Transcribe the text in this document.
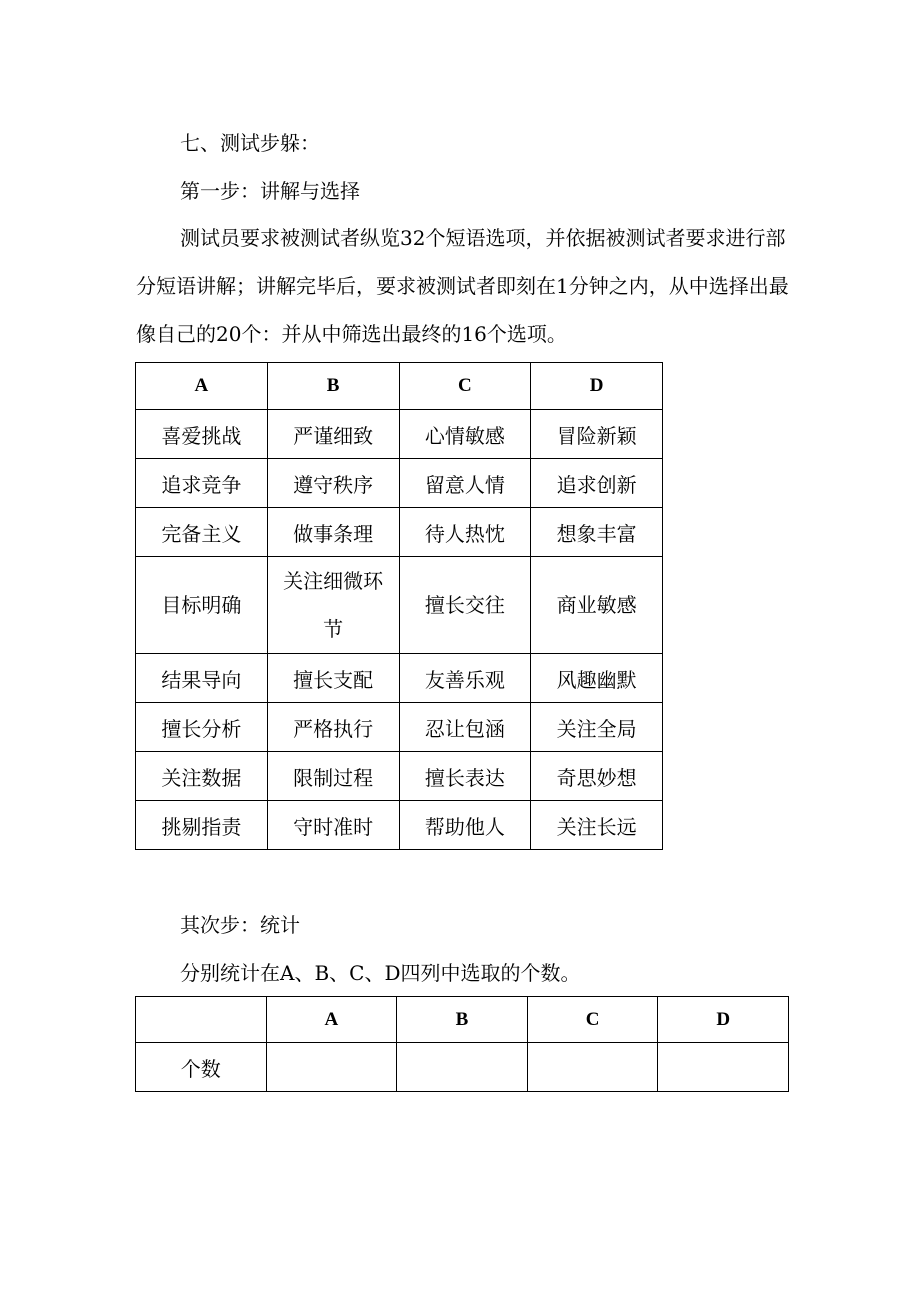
七、测试步躲：

第一步：讲解与选择

测试员要求被测试者纵览32个短语选项，并依据被测试者要求进行部
分短语讲解；讲解完毕后，要求被测试者即刻在1分钟之内，从中选择出最
像自己的20个：并从中筛选出最终的16个选项。
A	B	C	D
喜爱挑战	严谨细致	心情敏感	冒险新颖
追求竞争	遵守秩序	留意人情	追求创新
完备主义	做事条理	待人热忱	想象丰富
目标明确	关注细微环节	擅长交往	商业敏感
结果导向	擅长支配	友善乐观	风趣幽默
擅长分析	严格执行	忍让包涵	关注全局
关注数据	限制过程	擅长表达	奇思妙想
挑剔指责	守时准时	帮助他人	关注长远

其次步：统计

分别统计在A、B、C、D四列中选取的个数。

	A	B	C	D
个数				
